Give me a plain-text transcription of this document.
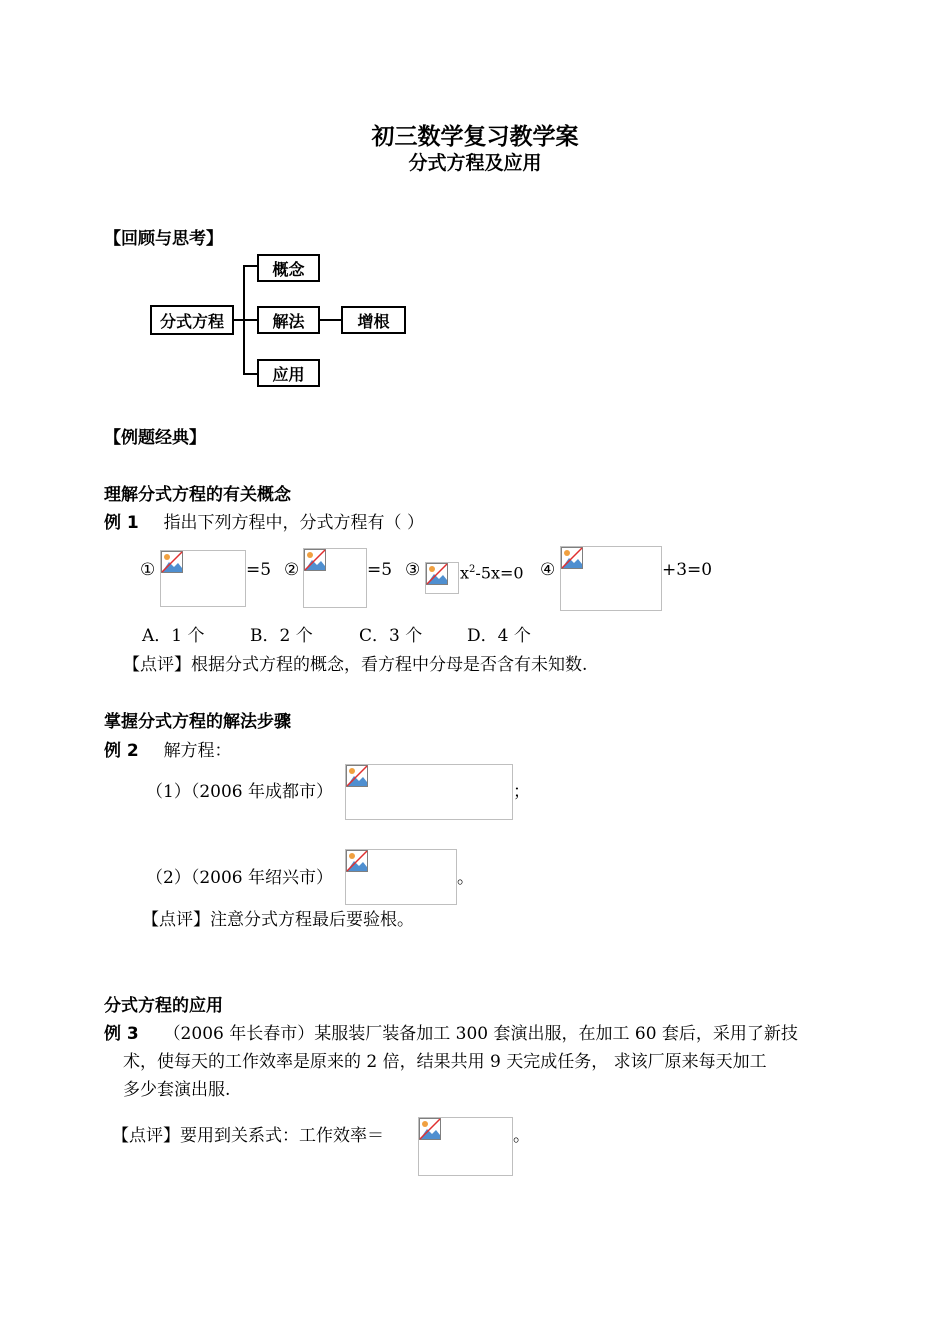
初三数学复习教学案
分式方程及应用
【回顾与思考】
分式方程
概念
解法	增根
应用
【例题经典】
理解分式方程的有关概念
例 1 指出下列方程中，分式方程有（ ）
①	=5 ②	=5 ③ $x^2-5x=0$ ④	+3=0
A．1 个	B．2 个	C．3 个	D．4 个
【点评】根据分式方程的概念，看方程中分母是否含有未知数.
掌握分式方程的解法步骤
例 2 解方程：
（1）（2006 年成都市）	；
（2）（2006 年绍兴市）	。
【点评】注意分式方程最后要验根。
分式方程的应用
例 3 （2006 年长春市）某服装厂装备加工 300 套演出服，在加工 60 套后，采用了新技
术，使每天的工作效率是原来的 2 倍，结果共用 9 天完成任务， 求该厂原来每天加工
多少套演出服.
【点评】要用到关系式：工作效率＝	。
